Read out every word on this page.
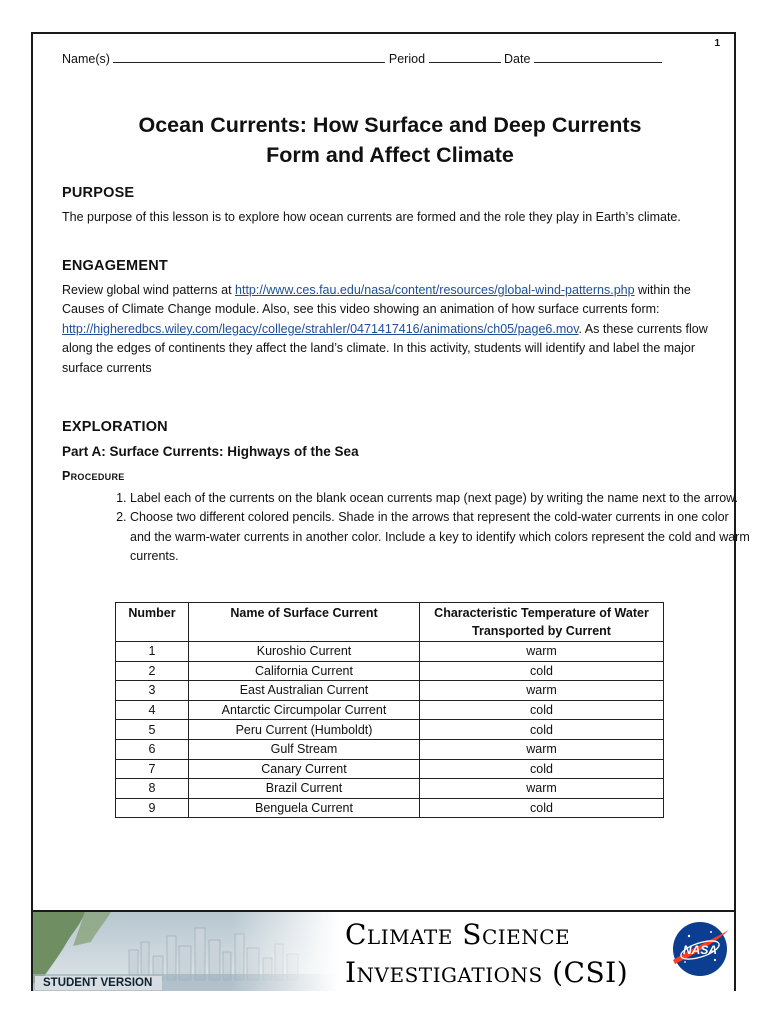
1
Name(s)	Period	Date
Ocean Currents: How Surface and Deep Currents
Form and Affect Climate
PURPOSE
The purpose of this lesson is to explore how ocean currents are formed and the role they play in Earth’s climate.
ENGAGEMENT
Review global wind patterns at http://www.ces.fau.edu/nasa/content/resources/global-wind-patterns.php within the Causes of Climate Change module. Also, see this video showing an animation of how surface currents form:
http://higheredbcs.wiley.com/legacy/college/strahler/0471417416/animations/ch05/page6.mov. As these currents flow along the edges of continents they affect the land’s climate. In this activity, students will identify and label the major surface currents
EXPLORATION
Part A: Surface Currents: Highways of the Sea
Procedure
1. Label each of the currents on the blank ocean currents map (next page) by writing the name next to the arrow.
2. Choose two different colored pencils. Shade in the arrows that represent the cold-water currents in one color and the warm-water currents in another color. Include a key to identify which colors represent the cold and warm currents.
Number	Name of Surface Current	Characteristic Temperature of Water Transported by Current
1	Kuroshio Current	warm
2	California Current	cold
3	East Australian Current	warm
4	Antarctic Circumpolar Current	cold
5	Peru Current (Humboldt)	cold
6	Gulf Stream	warm
7	Canary Current	cold
8	Brazil Current	warm
9	Benguela Current	cold
STUDENT VERSION
Climate Science
Investigations (CSI)
NASA
